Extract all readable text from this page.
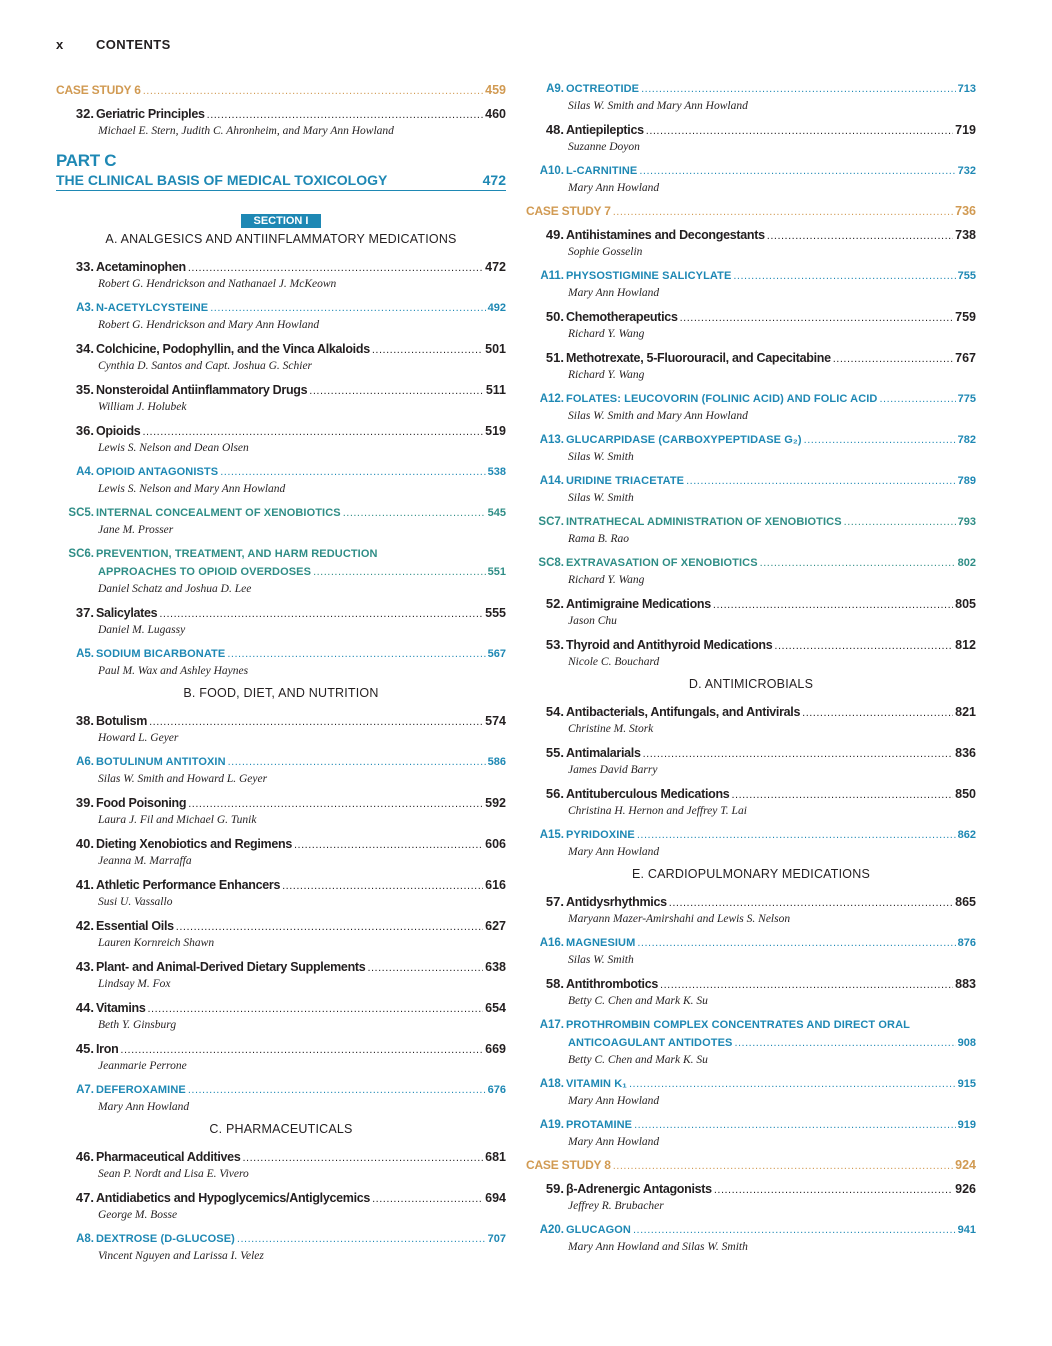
x CONTENTS
CASE STUDY 6 .....	459
32. Geriatric Principles .....	460
Michael E. Stern, Judith C. Ahronheim, and Mary Ann Howland
PART C
THE CLINICAL BASIS OF MEDICAL TOXICOLOGY	472
SECTION I
A. ANALGESICS AND ANTIINFLAMMATORY MEDICATIONS
33. Acetaminophen .....	472
Robert G. Hendrickson and Nathanael J. McKeown
A3. N-ACETYLCYSTEINE .....	492
Robert G. Hendrickson and Mary Ann Howland
34. Colchicine, Podophyllin, and the Vinca Alkaloids .....	501
Cynthia D. Santos and Capt. Joshua G. Schier
35. Nonsteroidal Antiinflammatory Drugs .....	511
William J. Holubek
36. Opioids .....	519
Lewis S. Nelson and Dean Olsen
A4. OPIOID ANTAGONISTS .....	538
Lewis S. Nelson and Mary Ann Howland
SC5. INTERNAL CONCEALMENT OF XENOBIOTICS .....	545
Jane M. Prosser
SC6. PREVENTION, TREATMENT, AND HARM REDUCTION
APPROACHES TO OPIOID OVERDOSES .....	551
Daniel Schatz and Joshua D. Lee
37. Salicylates .....	555
Daniel M. Lugassy
A5. SODIUM BICARBONATE .....	567
Paul M. Wax and Ashley Haynes
B. FOOD, DIET, AND NUTRITION
38. Botulism .....	574
Howard L. Geyer
A6. BOTULINUM ANTITOXIN .....	586
Silas W. Smith and Howard L. Geyer
39. Food Poisoning .....	592
Laura J. Fil and Michael G. Tunik
40. Dieting Xenobiotics and Regimens .....	606
Jeanna M. Marraffa
41. Athletic Performance Enhancers .....	616
Susi U. Vassallo
42. Essential Oils .....	627
Lauren Kornreich Shawn
43. Plant- and Animal-Derived Dietary Supplements .....	638
Lindsay M. Fox
44. Vitamins .....	654
Beth Y. Ginsburg
45. Iron .....	669
Jeanmarie Perrone
A7. DEFEROXAMINE .....	676
Mary Ann Howland
C. PHARMACEUTICALS
46. Pharmaceutical Additives .....	681
Sean P. Nordt and Lisa E. Vivero
47. Antidiabetics and Hypoglycemics/Antiglycemics .....	694
George M. Bosse
A8. DEXTROSE (D-GLUCOSE) .....	707
Vincent Nguyen and Larissa I. Velez
A9. OCTREOTIDE .....	713
Silas W. Smith and Mary Ann Howland
48. Antiepileptics .....	719
Suzanne Doyon
A10. L-CARNITINE .....	732
Mary Ann Howland
CASE STUDY 7 .....	736
49. Antihistamines and Decongestants .....	738
Sophie Gosselin
A11. PHYSOSTIGMINE SALICYLATE .....	755
Mary Ann Howland
50. Chemotherapeutics .....	759
Richard Y. Wang
51. Methotrexate, 5-Fluorouracil, and Capecitabine .....	767
Richard Y. Wang
A12. FOLATES: LEUCOVORIN (FOLINIC ACID) AND FOLIC ACID .....	775
Silas W. Smith and Mary Ann Howland
A13. GLUCARPIDASE (CARBOXYPEPTIDASE G₂) .....	782
Silas W. Smith
A14. URIDINE TRIACETATE .....	789
Silas W. Smith
SC7. INTRATHECAL ADMINISTRATION OF XENOBIOTICS .....	793
Rama B. Rao
SC8. EXTRAVASATION OF XENOBIOTICS .....	802
Richard Y. Wang
52. Antimigraine Medications .....	805
Jason Chu
53. Thyroid and Antithyroid Medications .....	812
Nicole C. Bouchard
D. ANTIMICROBIALS
54. Antibacterials, Antifungals, and Antivirals .....	821
Christine M. Stork
55. Antimalarials .....	836
James David Barry
56. Antituberculous Medications .....	850
Christina H. Hernon and Jeffrey T. Lai
A15. PYRIDOXINE .....	862
Mary Ann Howland
E. CARDIOPULMONARY MEDICATIONS
57. Antidysrhythmics .....	865
Maryann Mazer-Amirshahi and Lewis S. Nelson
A16. MAGNESIUM .....	876
Silas W. Smith
58. Antithrombotics .....	883
Betty C. Chen and Mark K. Su
A17. PROTHROMBIN COMPLEX CONCENTRATES AND DIRECT ORAL
ANTICOAGULANT ANTIDOTES .....	908
Betty C. Chen and Mark K. Su
A18. VITAMIN K₁ .....	915
Mary Ann Howland
A19. PROTAMINE .....	919
Mary Ann Howland
CASE STUDY 8 .....	924
59. β-Adrenergic Antagonists .....	926
Jeffrey R. Brubacher
A20. GLUCAGON .....	941
Mary Ann Howland and Silas W. Smith
